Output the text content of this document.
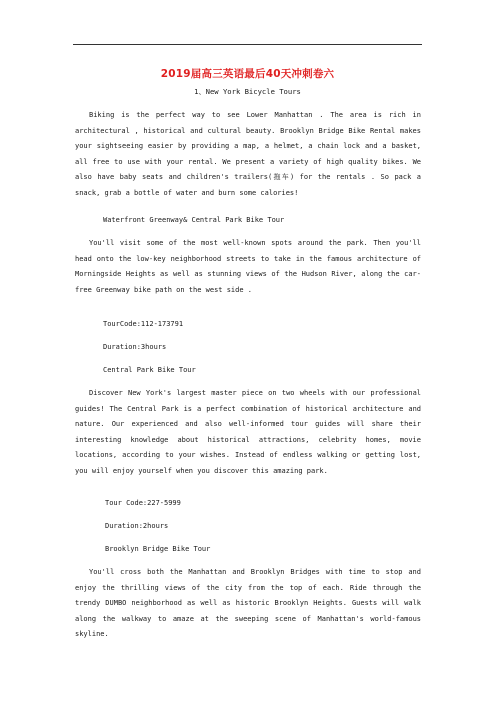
2019届高三英语最后40天冲刺卷六
1、New York Bicycle Tours

Biking is the perfect way to see Lower Manhattan . The area is rich in architectural , historical and cultural beauty. Brooklyn Bridge Bike Rental makes your sightseeing easier by providing a map, a helmet, a chain lock and a basket, all free to use with your rental. We present a variety of high quality bikes. We also have baby seats and children's trailers(拖车) for the rentals . So pack a snack, grab a bottle of water and burn some calories!

Waterfront Greenway& Central Park Bike Tour

You'll visit some of the most well-known spots around the park. Then you'll head onto the low-key neighborhood streets to take in the famous architecture of Morningside Heights as well as stunning views of the Hudson River, along the car-free Greenway bike path on the west side .

TourCode:112-173791
Duration:3hours
Central Park Bike Tour

Discover New York's largest master piece on two wheels with our professional guides! The Central Park is a perfect combination of historical architecture and nature. Our experienced and also well-informed tour guides will share their interesting knowledge about historical attractions, celebrity homes, movie locations, according to your wishes. Instead of endless walking or getting lost, you will enjoy yourself when you discover this amazing park.

Tour Code:227-5999
Duration:2hours
Brooklyn Bridge Bike Tour

You'll cross both the Manhattan and Brooklyn Bridges with time to stop and enjoy the thrilling views of the city from the top of each. Ride through the trendy DUMBO neighborhood as well as historic Brooklyn Heights. Guests will walk along the walkway to amaze at the sweeping scene of Manhattan's world-famous skyline.
